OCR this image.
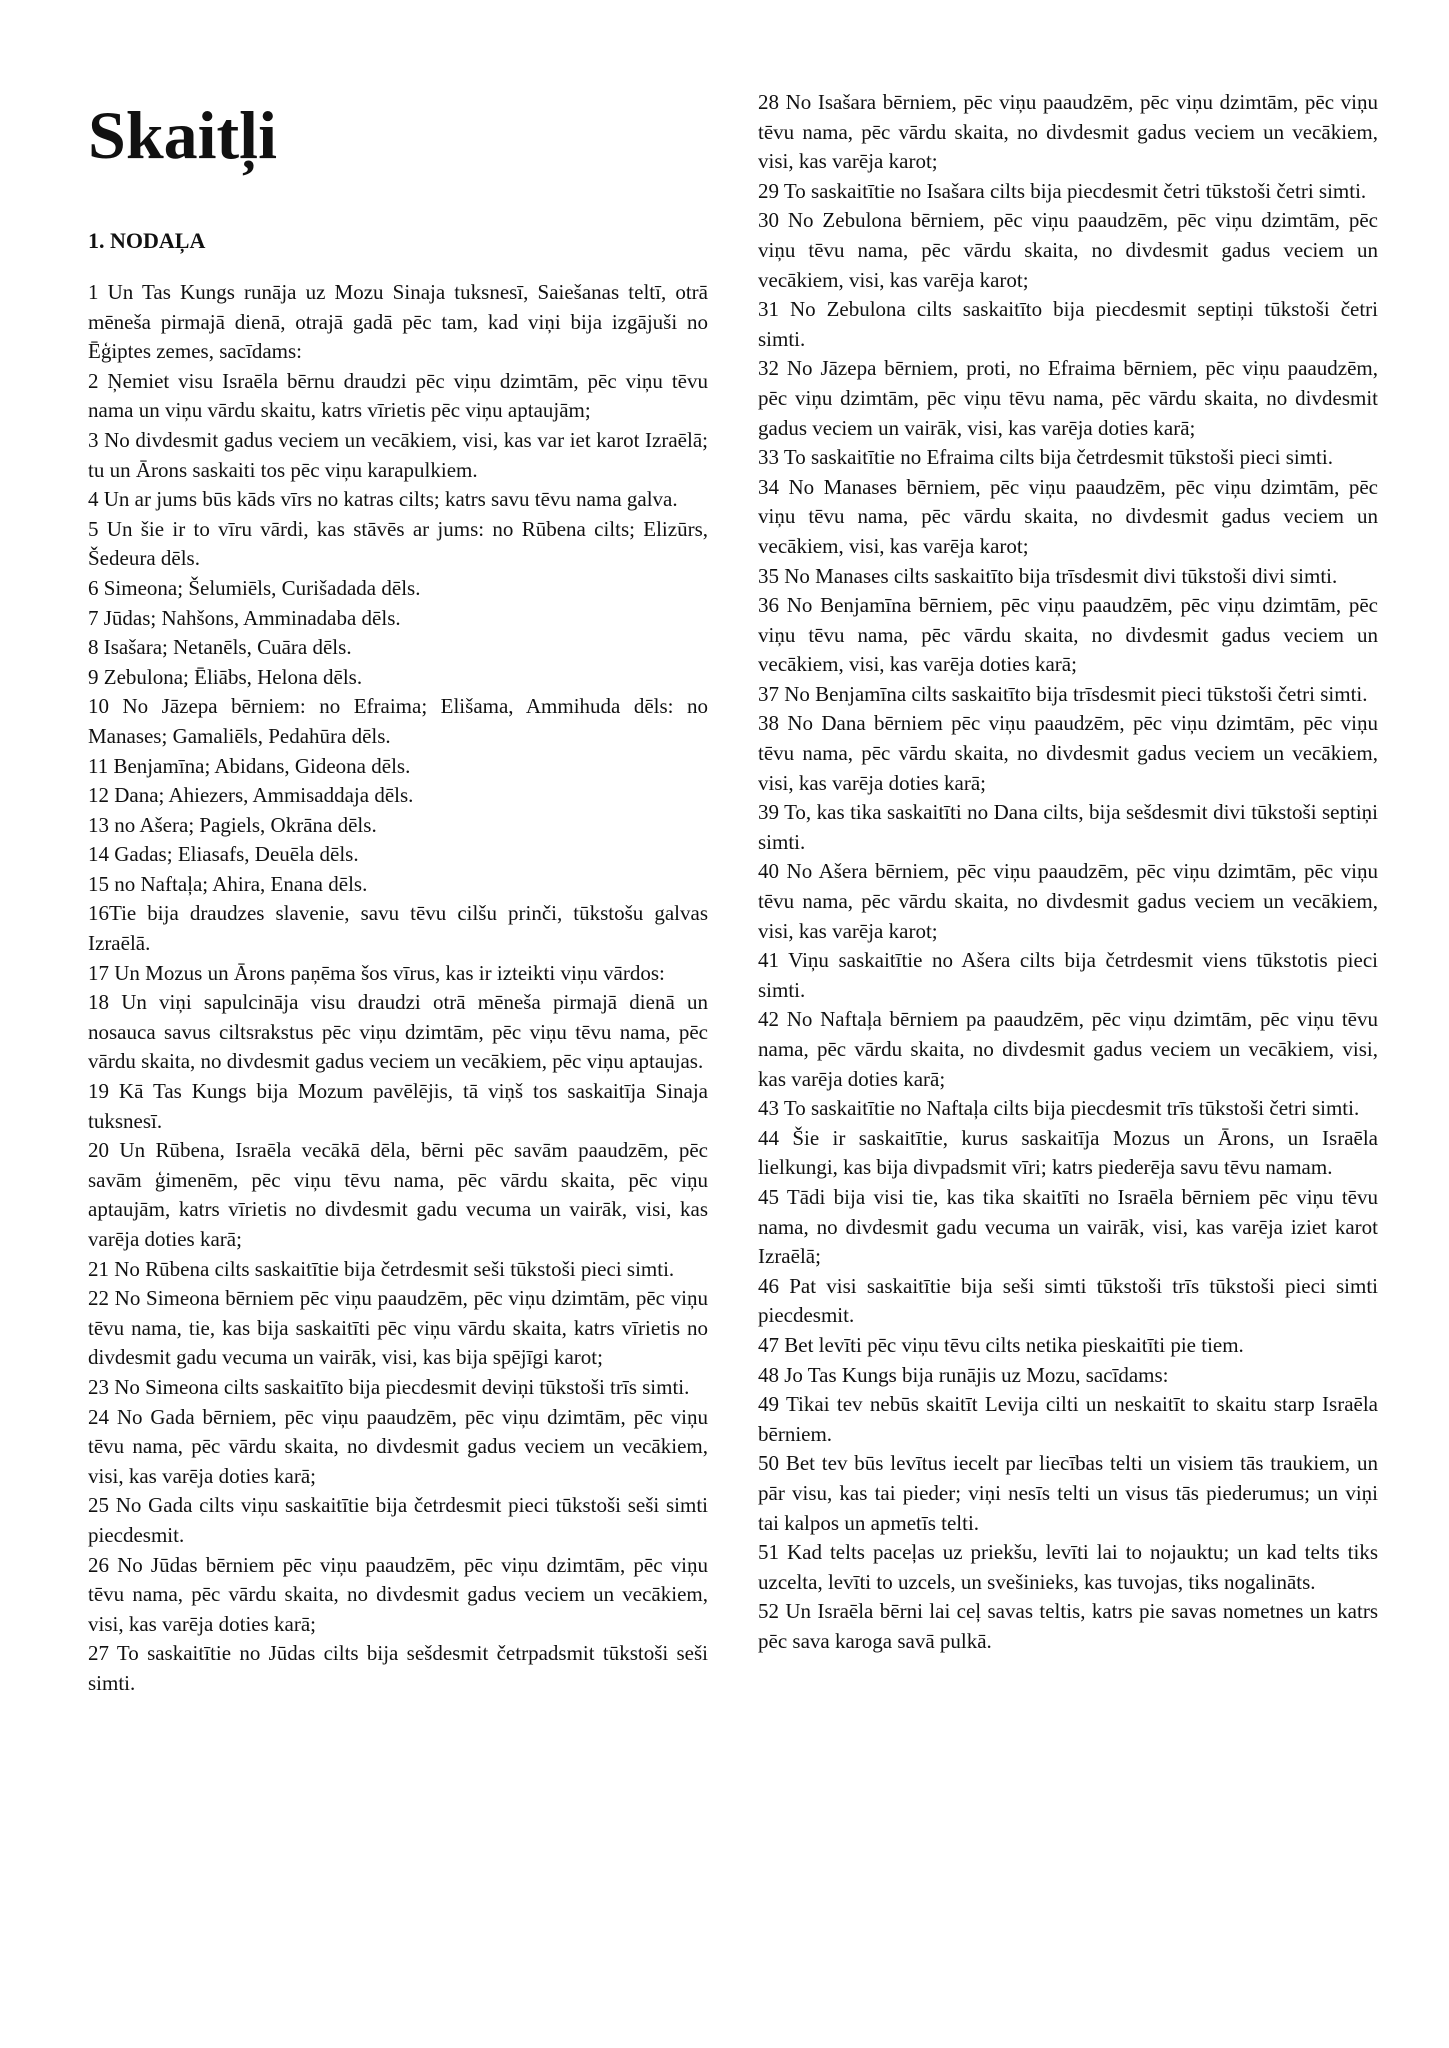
Skaitļi
1. NODAĻA

1 Un Tas Kungs runāja uz Mozu Sinaja tuksnesī, Saiešanas teltī, otrā mēneša pirmajā dienā, otrajā gadā pēc tam, kad viņi bija izgājuši no Ēģiptes zemes, sacīdams:

2 Ņemiet visu Israēla bērnu draudzi pēc viņu dzimtām, pēc viņu tēvu nama un viņu vārdu skaitu, katrs vīrietis pēc viņu aptaujām;

3 No divdesmit gadus veciem un vecākiem, visi, kas var iet karot Izraēlā; tu un Ārons saskaiti tos pēc viņu karapulkiem.

4 Un ar jums būs kāds vīrs no katras cilts; katrs savu tēvu nama galva.

5 Un šie ir to vīru vārdi, kas stāvēs ar jums: no Rūbena cilts; Elizūrs, Šedeura dēls.

6 Simeona; Šelumiēls, Curišadada dēls.

7 Jūdas; Nahšons, Amminadaba dēls.

8 Isašara; Netanēls, Cuāra dēls.

9 Zebulona; Ēliābs, Helona dēls.

10 No Jāzepa bērniem: no Efraima; Elišama, Ammihuda dēls: no Manases; Gamaliēls, Pedahūra dēls.

11 Benjamīna; Abidans, Gideona dēls.

12 Dana; Ahiezers, Ammisaddaja dēls.

13 no Ašera; Pagiels, Okrāna dēls.

14 Gadas; Eliasafs, Deuēla dēls.

15 no Naftaļa; Ahira, Enana dēls.

16Tie bija draudzes slavenie, savu tēvu cilšu prinči, tūkstošu galvas Izraēlā.

17 Un Mozus un Ārons paņēma šos vīrus, kas ir izteikti viņu vārdos:

18 Un viņi sapulcināja visu draudzi otrā mēneša pirmajā dienā un nosauca savus ciltsrakstus pēc viņu dzimtām, pēc viņu tēvu nama, pēc vārdu skaita, no divdesmit gadus veciem un vecākiem, pēc viņu aptaujas.

19 Kā Tas Kungs bija Mozum pavēlējis, tā viņš tos saskaitīja Sinaja tuksnesī.

20 Un Rūbena, Israēla vecākā dēla, bērni pēc savām paaudzēm, pēc savām ģimenēm, pēc viņu tēvu nama, pēc vārdu skaita, pēc viņu aptaujām, katrs vīrietis no divdesmit gadu vecuma un vairāk, visi, kas varēja doties karā;

21 No Rūbena cilts saskaitītie bija četrdesmit seši tūkstoši pieci simti.

22 No Simeona bērniem pēc viņu paaudzēm, pēc viņu dzimtām, pēc viņu tēvu nama, tie, kas bija saskaitīti pēc viņu vārdu skaita, katrs vīrietis no divdesmit gadu vecuma un vairāk, visi, kas bija spējīgi karot;

23 No Simeona cilts saskaitīto bija piecdesmit deviņi tūkstoši trīs simti.

24 No Gada bērniem, pēc viņu paaudzēm, pēc viņu dzimtām, pēc viņu tēvu nama, pēc vārdu skaita, no divdesmit gadus veciem un vecākiem, visi, kas varēja doties karā;

25 No Gada cilts viņu saskaitītie bija četrdesmit pieci tūkstoši seši simti piecdesmit.

26 No Jūdas bērniem pēc viņu paaudzēm, pēc viņu dzimtām, pēc viņu tēvu nama, pēc vārdu skaita, no divdesmit gadus veciem un vecākiem, visi, kas varēja doties karā;

27 To saskaitītie no Jūdas cilts bija sešdesmit četrpadsmit tūkstoši seši simti.

28 No Isašara bērniem, pēc viņu paaudzēm, pēc viņu dzimtām, pēc viņu tēvu nama, pēc vārdu skaita, no divdesmit gadus veciem un vecākiem, visi, kas varēja karot;

29 To saskaitītie no Isašara cilts bija piecdesmit četri tūkstoši četri simti.

30 No Zebulona bērniem, pēc viņu paaudzēm, pēc viņu dzimtām, pēc viņu tēvu nama, pēc vārdu skaita, no divdesmit gadus veciem un vecākiem, visi, kas varēja karot;

31 No Zebulona cilts saskaitīto bija piecdesmit septiņi tūkstoši četri simti.

32 No Jāzepa bērniem, proti, no Efraima bērniem, pēc viņu paaudzēm, pēc viņu dzimtām, pēc viņu tēvu nama, pēc vārdu skaita, no divdesmit gadus veciem un vairāk, visi, kas varēja doties karā;

33 To saskaitītie no Efraima cilts bija četrdesmit tūkstoši pieci simti.

34 No Manases bērniem, pēc viņu paaudzēm, pēc viņu dzimtām, pēc viņu tēvu nama, pēc vārdu skaita, no divdesmit gadus veciem un vecākiem, visi, kas varēja karot;

35 No Manases cilts saskaitīto bija trīsdesmit divi tūkstoši divi simti.

36 No Benjamīna bērniem, pēc viņu paaudzēm, pēc viņu dzimtām, pēc viņu tēvu nama, pēc vārdu skaita, no divdesmit gadus veciem un vecākiem, visi, kas varēja doties karā;

37 No Benjamīna cilts saskaitīto bija trīsdesmit pieci tūkstoši četri simti.

38 No Dana bērniem pēc viņu paaudzēm, pēc viņu dzimtām, pēc viņu tēvu nama, pēc vārdu skaita, no divdesmit gadus veciem un vecākiem, visi, kas varēja doties karā;

39 To, kas tika saskaitīti no Dana cilts, bija sešdesmit divi tūkstoši septiņi simti.

40 No Ašera bērniem, pēc viņu paaudzēm, pēc viņu dzimtām, pēc viņu tēvu nama, pēc vārdu skaita, no divdesmit gadus veciem un vecākiem, visi, kas varēja karot;

41 Viņu saskaitītie no Ašera cilts bija četrdesmit viens tūkstotis pieci simti.

42 No Naftaļa bērniem pa paaudzēm, pēc viņu dzimtām, pēc viņu tēvu nama, pēc vārdu skaita, no divdesmit gadus veciem un vecākiem, visi, kas varēja doties karā;

43 To saskaitītie no Naftaļa cilts bija piecdesmit trīs tūkstoši četri simti.

44 Šie ir saskaitītie, kurus saskaitīja Mozus un Ārons, un Israēla lielkungi, kas bija divpadsmit vīri; katrs piederēja savu tēvu namam.

45 Tādi bija visi tie, kas tika skaitīti no Israēla bērniem pēc viņu tēvu nama, no divdesmit gadu vecuma un vairāk, visi, kas varēja iziet karot Izraēlā;

46 Pat visi saskaitītie bija seši simti tūkstoši trīs tūkstoši pieci simti piecdesmit.

47 Bet levīti pēc viņu tēvu cilts netika pieskaitīti pie tiem.

48 Jo Tas Kungs bija runājis uz Mozu, sacīdams:

49 Tikai tev nebūs skaitīt Levija cilti un neskaitīt to skaitu starp Israēla bērniem.

50 Bet tev būs levītus iecelt par liecības telti un visiem tās traukiem, un pār visu, kas tai pieder; viņi nesīs telti un visus tās piederumus; un viņi tai kalpos un apmetīs telti.

51 Kad telts paceļas uz priekšu, levīti lai to nojauktu; un kad telts tiks uzcelta, levīti to uzcels, un svešinieks, kas tuvojas, tiks nogalināts.

52 Un Israēla bērni lai ceļ savas teltis, katrs pie savas nometnes un katrs pēc sava karoga savā pulkā.
